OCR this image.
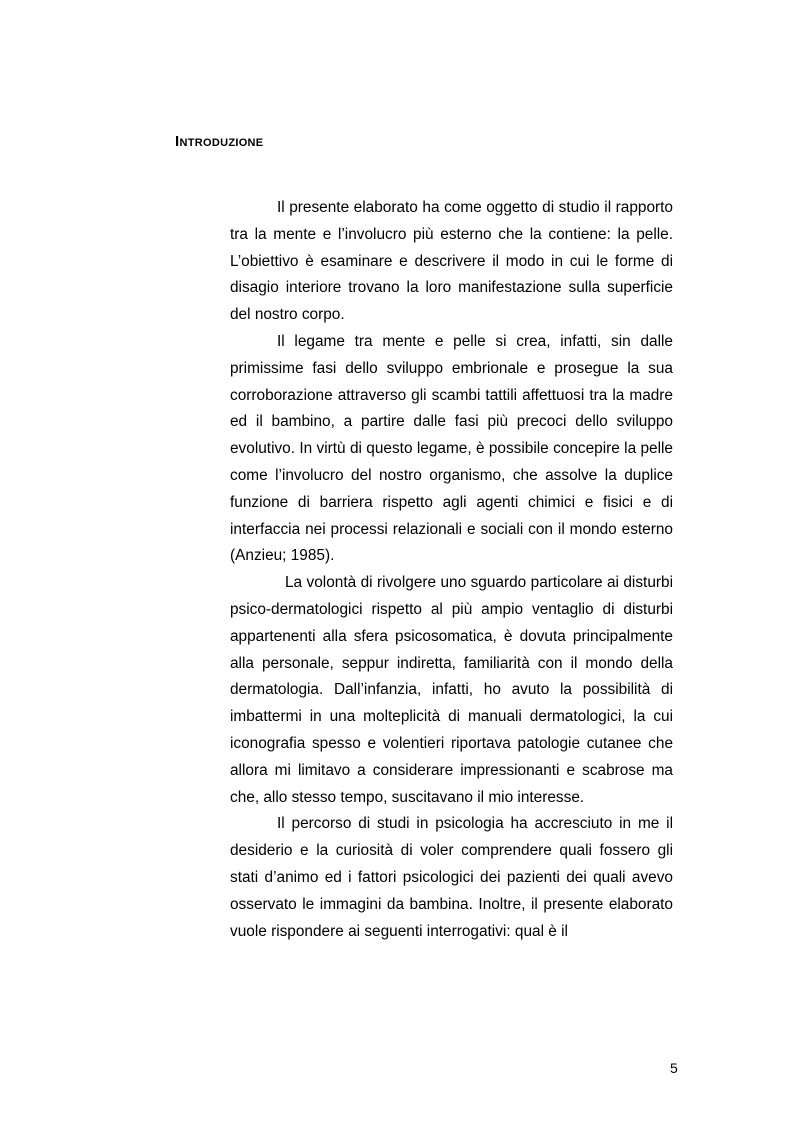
Introduzione

Il presente elaborato ha come oggetto di studio il rapporto tra la mente e l’involucro più esterno che la contiene: la pelle. L’obiettivo è esaminare e descrivere il modo in cui le forme di disagio interiore trovano la loro manifestazione sulla superficie del nostro corpo.

Il legame tra mente e pelle si crea, infatti, sin dalle primissime fasi dello sviluppo embrionale e prosegue la sua corroborazione attraverso gli scambi tattili affettuosi tra la madre ed il bambino, a partire dalle fasi più precoci dello sviluppo evolutivo. In virtù di questo legame, è possibile concepire la pelle come l’involucro del nostro organismo, che assolve la duplice funzione di barriera rispetto agli agenti chimici e fisici e di interfaccia nei processi relazionali e sociali con il mondo esterno (Anzieu; 1985).

La volontà di rivolgere uno sguardo particolare ai disturbi psico-dermatologici rispetto al più ampio ventaglio di disturbi appartenenti alla sfera psicosomatica, è dovuta principalmente alla personale, seppur indiretta, familiarità con il mondo della dermatologia. Dall’infanzia, infatti, ho avuto la possibilità di imbattermi in una molteplicità di manuali dermatologici, la cui iconografia spesso e volentieri riportava patologie cutanee che allora mi limitavo a considerare impressionanti e scabrose ma che, allo stesso tempo, suscitavano il mio interesse.

Il percorso di studi in psicologia ha accresciuto in me il desiderio e la curiosità di voler comprendere quali fossero gli stati d’animo ed i fattori psicologici dei pazienti dei quali avevo osservato le immagini da bambina. Inoltre, il presente elaborato vuole rispondere ai seguenti interrogativi: qual è il

5
